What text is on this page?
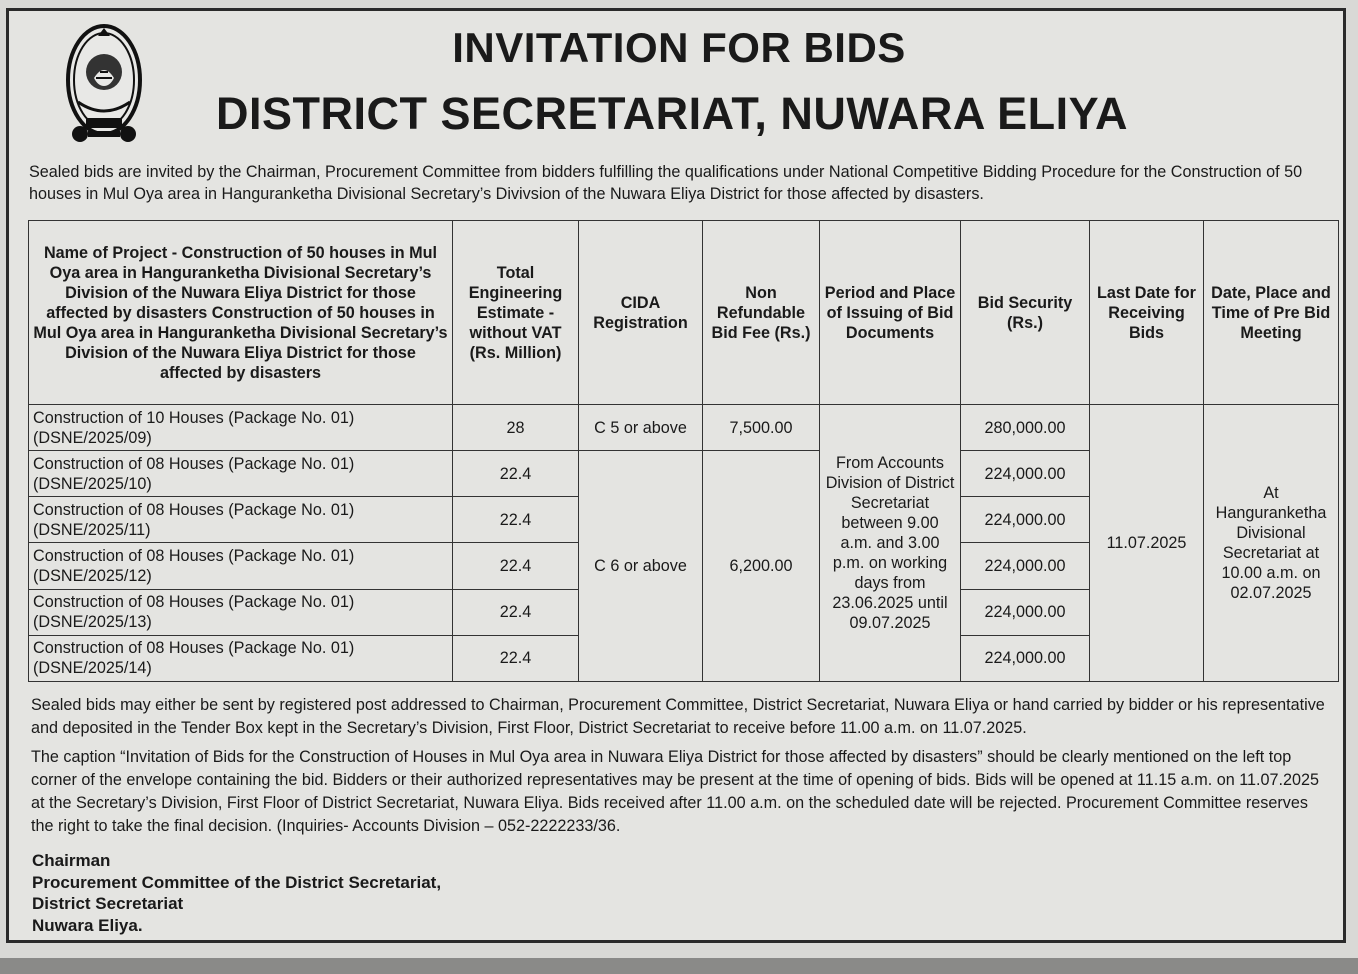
INVITATION FOR BIDS
DISTRICT SECRETARIAT, NUWARA ELIYA

Sealed bids are invited by the Chairman, Procurement Committee from bidders fulfilling the qualifications under National Competitive Bidding Procedure for the Construction of 50 houses in Mul Oya area in Hanguranketha Divisional Secretary’s Divivsion of the Nuwara Eliya District for those affected by disasters.

Name of Project - Construction of 50 houses in Mul Oya area in Hanguranketha Divisional Secretary’s Division of the Nuwara Eliya District for those affected by disasters Construction of 50 houses in Mul Oya area in Hanguranketha Divisional Secretary’s Division of the Nuwara Eliya District for those affected by disasters	Total Engineering Estimate - without VAT (Rs. Million)	CIDA Registration	Non Refundable Bid Fee (Rs.)	Period and Place of Issuing of Bid Documents	Bid Security (Rs.)	Last Date for Receiving Bids	Date, Place and Time of Pre Bid Meeting
Construction of 10 Houses (Package No. 01) (DSNE/2025/09)	28	C 5 or above	7,500.00	From Accounts Division of District Secretariat between 9.00 a.m. and 3.00 p.m. on working days from 23.06.2025 until 09.07.2025	280,000.00	11.07.2025	At Hanguranketha Divisional Secretariat at 10.00 a.m. on 02.07.2025
Construction of 08 Houses (Package No. 01) (DSNE/2025/10)	22.4	C 6 or above	6,200.00		224,000.00		
Construction of 08 Houses (Package No. 01) (DSNE/2025/11)	22.4				224,000.00		
Construction of 08 Houses (Package No. 01) (DSNE/2025/12)	22.4				224,000.00		
Construction of 08 Houses (Package No. 01) (DSNE/2025/13)	22.4				224,000.00		
Construction of 08 Houses (Package No. 01) (DSNE/2025/14)	22.4				224,000.00		

Sealed bids may either be sent by registered post addressed to Chairman, Procurement Committee, District Secretariat, Nuwara Eliya or hand carried by bidder or his representative and deposited in the Tender Box kept in the Secretary’s Division, First Floor, District Secretariat to receive before 11.00 a.m. on 11.07.2025.

The caption “Invitation of Bids for the Construction of Houses in Mul Oya area in Nuwara Eliya District for those affected by disasters” should be clearly mentioned on the left top corner of the envelope containing the bid. Bidders or their authorized representatives may be present at the time of opening of bids. Bids will be opened at 11.15 a.m. on 11.07.2025 at the Secretary’s Division, First Floor of District Secretariat, Nuwara Eliya. Bids received after 11.00 a.m. on the scheduled date will be rejected. Procurement Committee reserves the right to take the final decision. (Inquiries- Accounts Division – 052-2222233/36.

Chairman
Procurement Committee of the District Secretariat,
District Secretariat
Nuwara Eliya.
